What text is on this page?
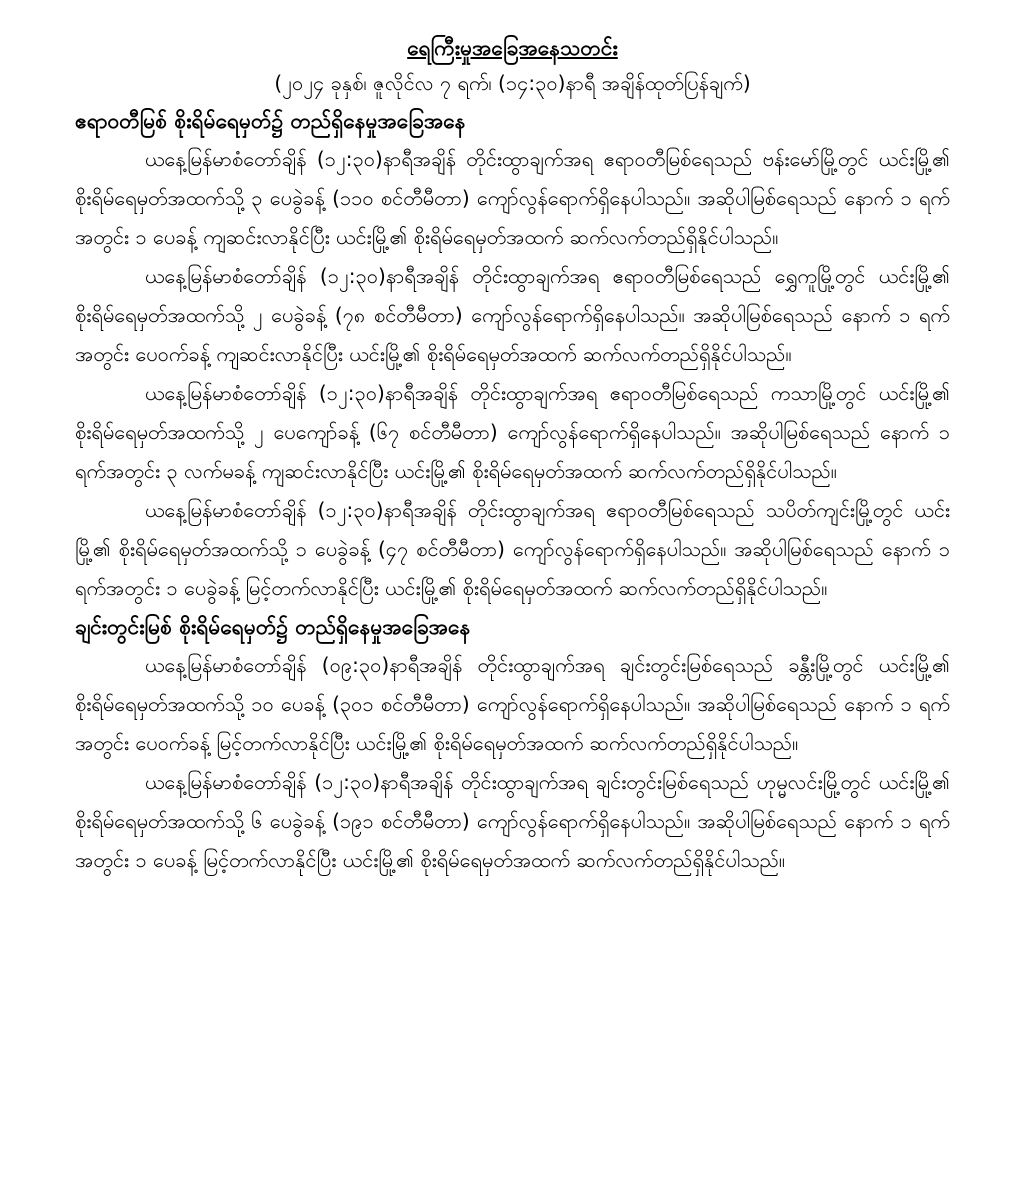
ရေကြီးမှုအခြေအနေသတင်း

(၂၀၂၄ ခုနှစ်၊ ဇူလိုင်လ ၇ ရက်၊ (၁၄:၃၀)နာရီ အချိန်ထုတ်ပြန်ချက်)

ဧရာဝတီမြစ် စိုးရိမ်ရေမှတ်၌ တည်ရှိနေမှုအခြေအနေ

ယနေ့မြန်မာစံတော်ချိန် (၁၂:၃၀)နာရီအချိန် တိုင်းထွာချက်အရ ဧရာဝတီမြစ်ရေသည် ဗန်းမော်မြို့တွင် ယင်းမြို့၏ စိုးရိမ်ရေမှတ်အထက်သို့ ၃ ပေခွဲခန့် (၁၁၀ စင်တီမီတာ) ကျော်လွန်ရောက်ရှိနေပါသည်။ အဆိုပါမြစ်ရေသည် နောက် ၁ ရက်အတွင်း ၁ ပေခန့် ကျဆင်းလာနိုင်ပြီး ယင်းမြို့၏ စိုးရိမ်ရေမှတ်အထက် ဆက်လက်တည်ရှိနိုင်ပါသည်။

ယနေ့မြန်မာစံတော်ချိန် (၁၂:၃၀)နာရီအချိန် တိုင်းထွာချက်အရ ဧရာဝတီမြစ်ရေသည် ရွှေကူမြို့တွင် ယင်းမြို့၏ စိုးရိမ်ရေမှတ်အထက်သို့ ၂ ပေခွဲခန့် (၇၈ စင်တီမီတာ) ကျော်လွန်ရောက်ရှိနေပါသည်။ အဆိုပါမြစ်ရေသည် နောက် ၁ ရက်အတွင်း ပေဝက်ခန့် ကျဆင်းလာနိုင်ပြီး ယင်းမြို့၏ စိုးရိမ်ရေမှတ်အထက် ဆက်လက်တည်ရှိနိုင်ပါသည်။

ယနေ့မြန်မာစံတော်ချိန် (၁၂:၃၀)နာရီအချိန် တိုင်းထွာချက်အရ ဧရာဝတီမြစ်ရေသည် ကသာမြို့တွင် ယင်းမြို့၏ စိုးရိမ်ရေမှတ်အထက်သို့ ၂ ပေကျော်ခန့် (၆၇ စင်တီမီတာ) ကျော်လွန်ရောက်ရှိနေပါသည်။ အဆိုပါမြစ်ရေသည် နောက် ၁ ရက်အတွင်း ၃ လက်မခန့် ကျဆင်းလာနိုင်ပြီး ယင်းမြို့၏ စိုးရိမ်ရေမှတ်အထက် ဆက်လက်တည်ရှိနိုင်ပါသည်။

ယနေ့မြန်မာစံတော်ချိန် (၁၂:၃၀)နာရီအချိန် တိုင်းထွာချက်အရ ဧရာဝတီမြစ်ရေသည် သပိတ်ကျင်းမြို့တွင် ယင်းမြို့၏ စိုးရိမ်ရေမှတ်အထက်သို့ ၁ ပေခွဲခန့် (၄၇ စင်တီမီတာ) ကျော်လွန်ရောက်ရှိနေပါသည်။ အဆိုပါမြစ်ရေသည် နောက် ၁ ရက်အတွင်း ၁ ပေခွဲခန့် မြင့်တက်လာနိုင်ပြီး ယင်းမြို့၏ စိုးရိမ်ရေမှတ်အထက် ဆက်လက်တည်ရှိနိုင်ပါသည်။

ချင်းတွင်းမြစ် စိုးရိမ်ရေမှတ်၌ တည်ရှိနေမှုအခြေအနေ

ယနေ့မြန်မာစံတော်ချိန် (၀၉:၃၀)နာရီအချိန် တိုင်းထွာချက်အရ ချင်းတွင်းမြစ်ရေသည် ခန္တီးမြို့တွင် ယင်းမြို့၏ စိုးရိမ်ရေမှတ်အထက်သို့ ၁၀ ပေခန့် (၃၀၁ စင်တီမီတာ) ကျော်လွန်ရောက်ရှိနေပါသည်။ အဆိုပါမြစ်ရေသည် နောက် ၁ ရက်အတွင်း ပေဝက်ခန့် မြင့်တက်လာနိုင်ပြီး ယင်းမြို့၏ စိုးရိမ်ရေမှတ်အထက် ဆက်လက်တည်ရှိနိုင်ပါသည်။

ယနေ့မြန်မာစံတော်ချိန် (၁၂:၃၀)နာရီအချိန် တိုင်းထွာချက်အရ ချင်းတွင်းမြစ်ရေသည် ဟုမ္မလင်းမြို့တွင် ယင်းမြို့၏ စိုးရိမ်ရေမှတ်အထက်သို့ ၆ ပေခွဲခန့် (၁၉၁ စင်တီမီတာ) ကျော်လွန်ရောက်ရှိနေပါသည်။ အဆိုပါမြစ်ရေသည် နောက် ၁ ရက်အတွင်း ၁ ပေခန့် မြင့်တက်လာနိုင်ပြီး ယင်းမြို့၏ စိုးရိမ်ရေမှတ်အထက် ဆက်လက်တည်ရှိနိုင်ပါသည်။
